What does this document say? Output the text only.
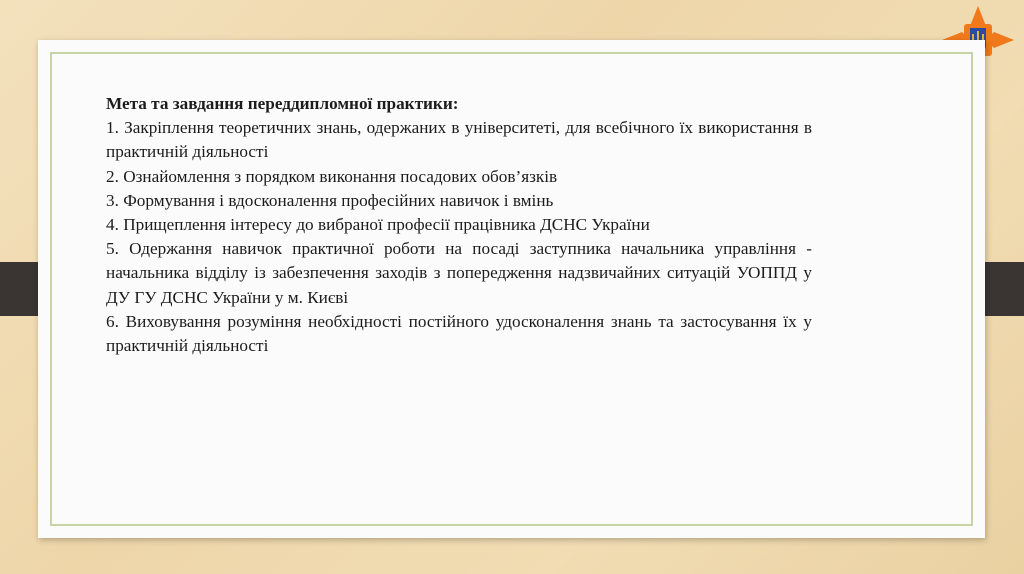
Мета та завдання переддипломної практики:

1. Закріплення теоретичних знань, одержаних в університеті, для всебічного їх використання в практичній діяльності

2. Ознайомлення з порядком виконання посадових обов’язків

3. Формування і вдосконалення професійних навичок і вмінь

4. Прищеплення інтересу до вибраної професії працівника ДСНС України

5. Одержання навичок практичної роботи на посаді заступника начальника управління - начальника відділу із забезпечення заходів з попередження надзвичайних ситуацій УОППД у ДУ ГУ ДСНС України у м. Києві

6. Виховування розуміння необхідності постійного удосконалення знань та застосування їх у практичній діяльності
